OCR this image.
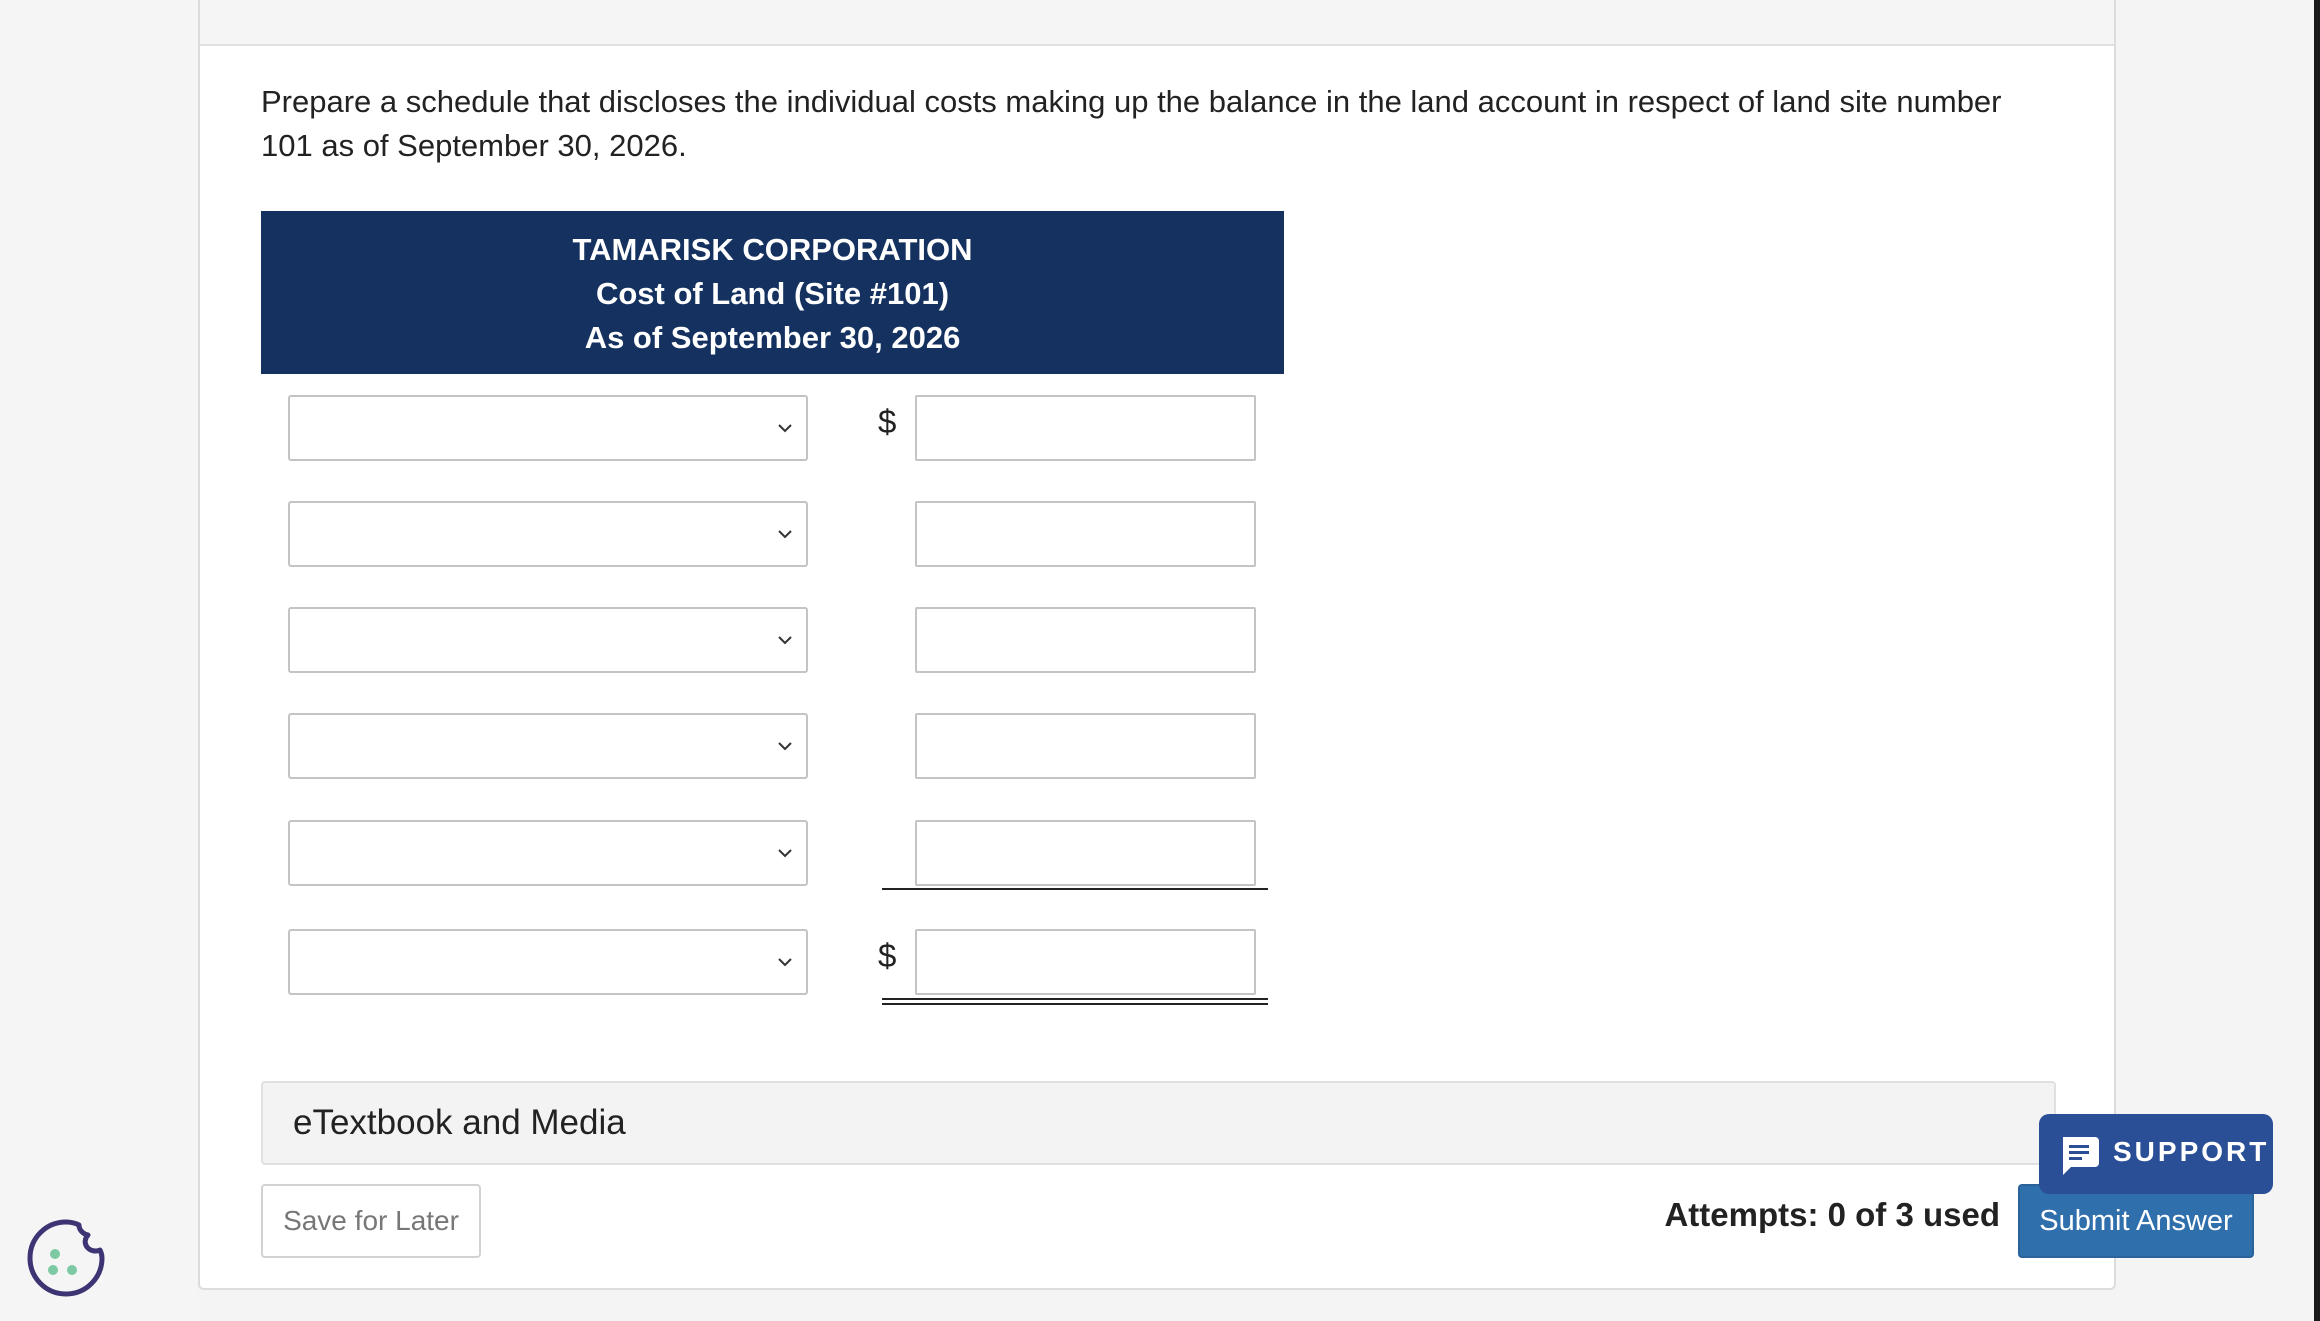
Prepare a schedule that discloses the individual costs making up the balance in the land account in respect of land site number 101 as of September 30, 2026.
TAMARISK CORPORATION
Cost of Land (Site #101)
As of September 30, 2026
$
$
eTextbook and Media
Save for Later	Attempts: 0 of 3 used	Submit Answer
SUPPORT
